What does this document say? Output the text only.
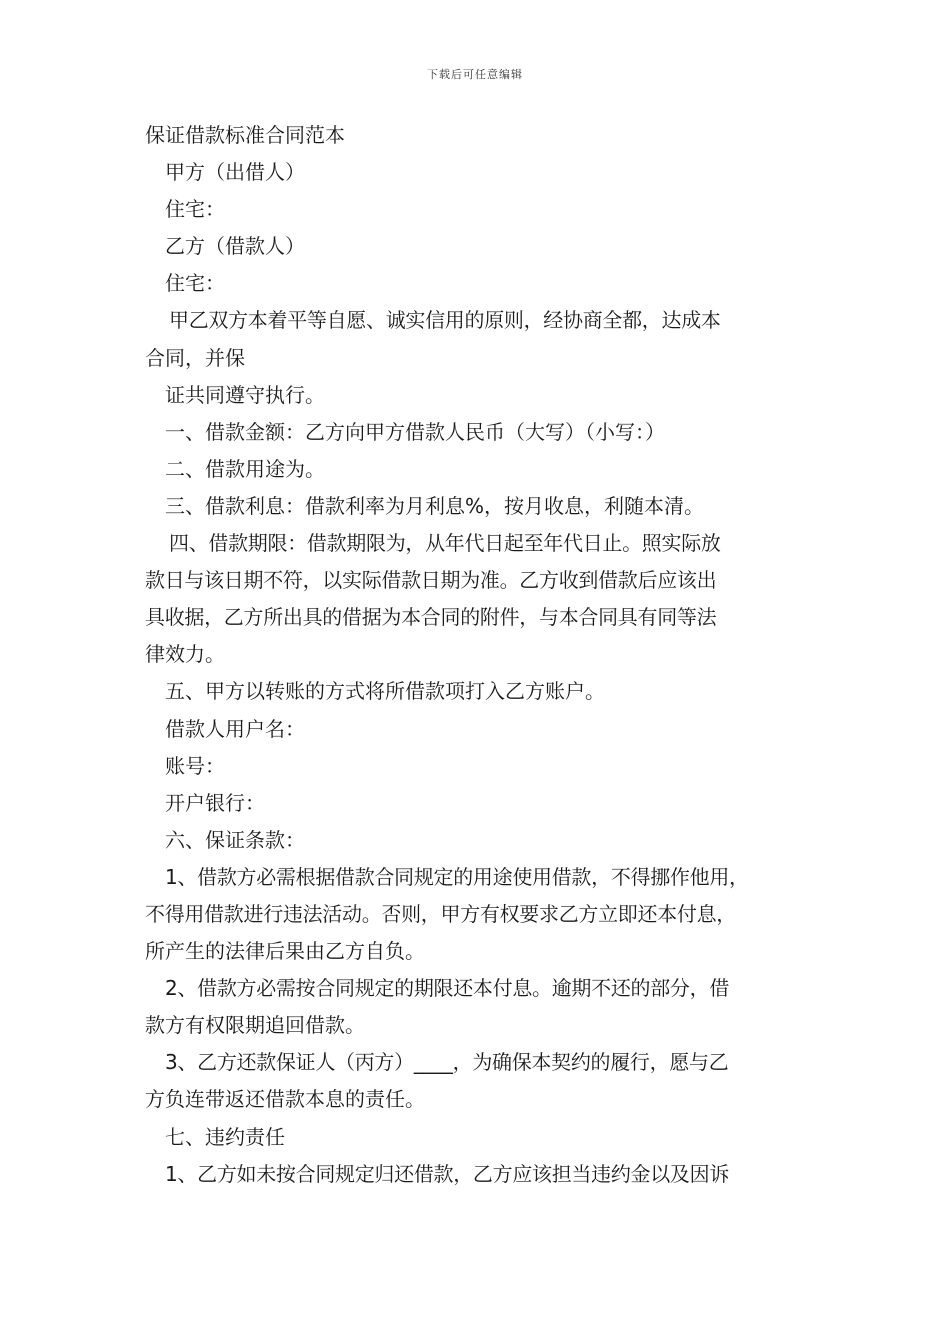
下载后可任意编辑
保证借款标准合同范本
甲方（出借人）
住宅：
乙方（借款人）
住宅：
甲乙双方本着平等自愿、诚实信用的原则，经协商全都，达成本
合同，并保
证共同遵守执行。
一、借款金额：乙方向甲方借款人民币（大写）（小写：）
二、借款用途为。
三、借款利息：借款利率为月利息%，按月收息，利随本清。
四、借款期限：借款期限为，从年代日起至年代日止。照实际放
款日与该日期不符，以实际借款日期为准。乙方收到借款后应该出
具收据，乙方所出具的借据为本合同的附件，与本合同具有同等法
律效力。
五、甲方以转账的方式将所借款项打入乙方账户。
借款人用户名：
账号：
开户银行：
六、保证条款：
1、借款方必需根据借款合同规定的用途使用借款，不得挪作他用，
不得用借款进行违法活动。否则，甲方有权要求乙方立即还本付息，
所产生的法律后果由乙方自负。
2、借款方必需按合同规定的期限还本付息。逾期不还的部分，借
款方有权限期追回借款。
3、乙方还款保证人（丙方）____，为确保本契约的履行，愿与乙
方负连带返还借款本息的责任。
七、违约责任
1、乙方如未按合同规定归还借款，乙方应该担当违约金以及因诉
